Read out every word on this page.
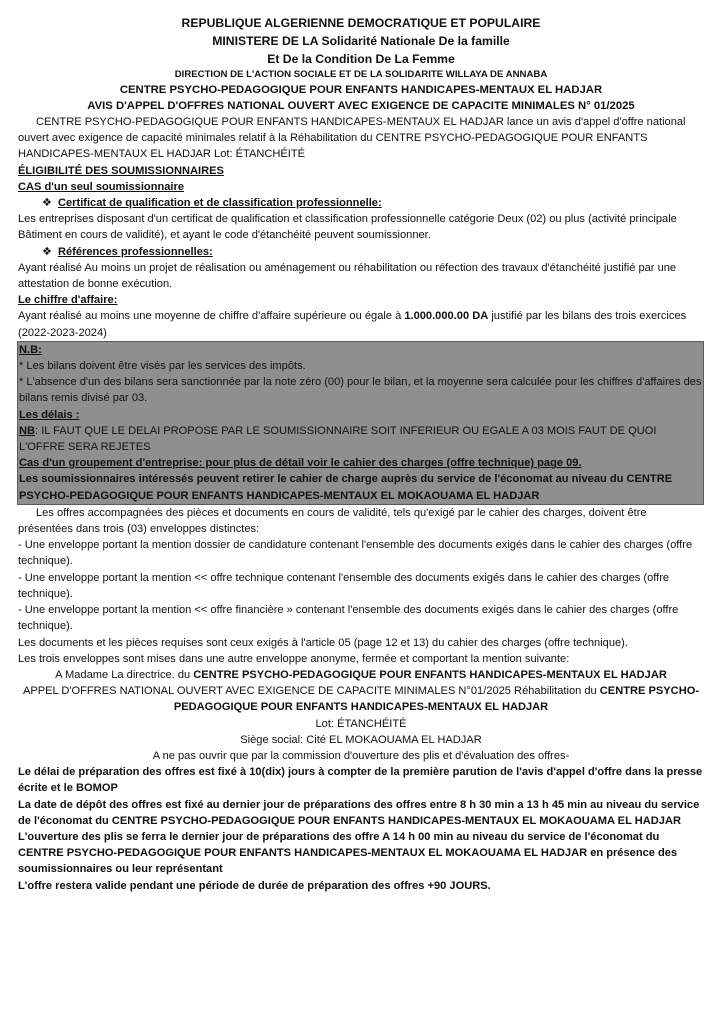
REPUBLIQUE ALGERIENNE DEMOCRATIQUE ET POPULAIRE
MINISTERE DE LA Solidarité Nationale De la famille
Et De la Condition De La Femme
DIRECTION DE L'ACTION SOCIALE ET DE LA SOLIDARITE WILLAYA DE ANNABA
CENTRE PSYCHO-PEDAGOGIQUE POUR ENFANTS HANDICAPES-MENTAUX EL HADJAR
AVIS D'APPEL D'OFFRES NATIONAL OUVERT AVEC EXIGENCE DE CAPACITE MINIMALES N° 01/2025

CENTRE PSYCHO-PEDAGOGIQUE POUR ENFANTS HANDICAPES-MENTAUX EL HADJAR lance un avis d'appel d'offre national ouvert avec exigence de capacité minimales relatif à la Réhabilitation du CENTRE PSYCHO-PEDAGOGIQUE POUR ENFANTS HANDICAPES-MENTAUX EL HADJAR Lot: ÉTANCHÉITÉ

ÉLIGIBILITÉ DES SOUMISSIONNAIRES

CAS d'un seul soumissionnaire

❖ Certificat de qualification et de classification professionnelle:

Les entreprises disposant d'un certificat de qualification et classification professionnelle catégorie Deux (02) ou plus (activité principale Bâtiment en cours de validité), et ayant le code d'étanchéité peuvent soumissionner.

❖ Références professionnelles:

Ayant réalisé Au moins un projet de réalisation ou aménagement ou réhabilitation ou réfection des travaux d'étanchéité justifié par une attestation de bonne exécution.

Le chiffre d'affaire:

Ayant réalisé au moins une moyenne de chiffre d'affaire supérieure ou égale à 1.000.000.00 DA justifié par les bilans des trois exercices (2022-2023-2024)

N.B:

* Les bilans doivent être visés par les services des impôts.

* L'absence d'un des bilans sera sanctionnée par la note zéro (00) pour le bilan, et la moyenne sera calculée pour les chiffres d'affaires des bilans remis divisé par 03.

Les délais :

NB: IL FAUT QUE LE DELAI PROPOSE PAR LE SOUMISSIONNAIRE SOIT INFERIEUR OU EGALE A 03 MOIS FAUT DE QUOI L'OFFRE SERA REJETES

Cas d'un groupement d'entreprise: pour plus de détail voir le cahier des charges (offre technique) page 09.

Les soumissionnaires intéressés peuvent retirer le cahier de charge auprès du service de l'économat au niveau du CENTRE PSYCHO-PEDAGOGIQUE POUR ENFANTS HANDICAPES-MENTAUX EL MOKAOUAMA EL HADJAR

Les offres accompagnées des pièces et documents en cours de validité, tels qu'exigé par le cahier des charges, doivent être présentées dans trois (03) enveloppes distinctes:

- Une enveloppe portant la mention dossier de candidature contenant l'ensemble des documents exigés dans le cahier des charges (offre technique).

- Une enveloppe portant la mention << offre technique contenant l'ensemble des documents exigés dans le cahier des charges (offre technique).

- Une enveloppe portant la mention << offre financière » contenant l'ensemble des documents exigés dans le cahier des charges (offre technique).

Les documents et les pièces requises sont ceux exigés à l'article 05 (page 12 et 13) du cahier des charges (offre technique).

Les trois enveloppes sont mises dans une autre enveloppe anonyme, fermée et comportant la mention suivante:

A Madame La directrice. du CENTRE PSYCHO-PEDAGOGIQUE POUR ENFANTS HANDICAPES-MENTAUX EL HADJAR

APPEL D'OFFRES NATIONAL OUVERT AVEC EXIGENCE DE CAPACITE MINIMALES N°01/2025 Réhabilitation du CENTRE PSYCHO-PEDAGOGIQUE POUR ENFANTS HANDICAPES-MENTAUX EL HADJAR

Lot: ÉTANCHÉITÉ

Siège social: Cité EL MOKAOUAMA EL HADJAR

A ne pas ouvrir que par la commission d'ouverture des plis et d'évaluation des offres-

Le délai de préparation des offres est fixé à 10(dix) jours à compter de la première parution de l'avis d'appel d'offre dans la presse écrite et le BOMOP

La date de dépôt des offres est fixé au dernier jour de préparations des offres entre 8 h 30 min a 13 h 45 min au niveau du service de l'économat du CENTRE PSYCHO-PEDAGOGIQUE POUR ENFANTS HANDICAPES-MENTAUX EL MOKAOUAMA EL HADJAR

L'ouverture des plis se ferra le dernier jour de préparations des offre A 14 h 00 min au niveau du service de l'économat du CENTRE PSYCHO-PEDAGOGIQUE POUR ENFANTS HANDICAPES-MENTAUX EL MOKAOUAMA EL HADJAR en présence des soumissionnaires ou leur représentant

L'offre restera valide pendant une période de durée de préparation des offres +90 JOURS.
